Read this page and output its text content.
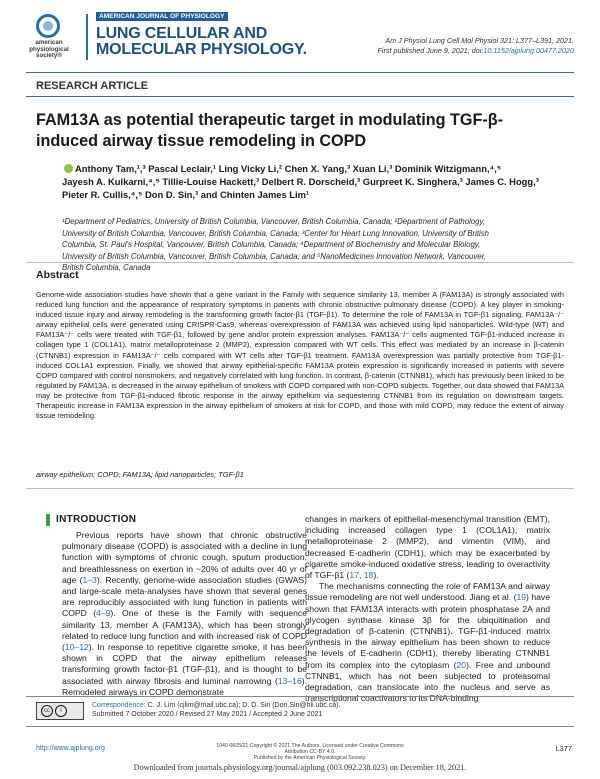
american physiological society®
AMERICAN JOURNAL OF PHYSIOLOGY
LUNG CELLULAR AND
MOLECULAR PHYSIOLOGY.
Am J Physiol Lung Cell Mol Physiol 321: L377–L391, 2021.
First published June 9, 2021; doi:10.1152/ajplung.00477.2020
RESEARCH ARTICLE
FAM13A as potential therapeutic target in modulating TGF-β-induced airway tissue remodeling in COPD
Anthony Tam,¹,³ Pascal Leclair,¹ Ling Vicky Li,² Chen X. Yang,³ Xuan Li,³ Dominik Witzigmann,⁴,⁵
Jayesh A. Kulkarni,⁴,⁵ Tillie-Louise Hackett,³ Delbert R. Dorscheid,³ Gurpreet K. Singhera,³ James C. Hogg,³
Pieter R. Cullis,⁴,⁵ Don D. Sin,³ and Chinten James Lim¹
¹Department of Pediatrics, University of British Columbia, Vancouver, British Columbia, Canada; ²Department of Pathology,
University of British Columbia, Vancouver, British Columbia, Canada; ³Center for Heart Lung Innovation, University of British
Columbia, St. Paul's Hospital, Vancouver, British Columbia, Canada; ⁴Department of Biochemistry and Molecular Biology,
University of British Columbia, Vancouver, British Columbia, Canada; and ⁵NanoMedicines Innovation Network, Vancouver,
British Columbia, Canada
Abstract
Genome-wide association studies have shown that a gene variant in the Family with sequence similarity 13, member A (FAM13A) is strongly associated with reduced lung function and the appearance of respiratory symptoms in patients with chronic obstructive pulmonary disease (COPD). A key player in smoking-induced tissue injury and airway remodeling is the transforming growth factor-β1 (TGF-β1). To determine the role of FAM13A in TGF-β1 signaling, FAM13A⁻/⁻ airway epithelial cells were generated using CRISPR-Cas9, whereas overexpression of FAM13A was achieved using lipid nanoparticles. Wild-type (WT) and FAM13A⁻/⁻ cells were treated with TGF-β1, followed by gene and/or protein expression analyses. FAM13A⁻/⁻ cells augmented TGF-β1-induced increase in collagen type 1 (COL1A1), matrix metalloproteinase 2 (MMP2), expression compared with WT cells. This effect was mediated by an increase in β-catenin (CTNNB1) expression in FAM13A⁻/⁻ cells compared with WT cells after TGF-β1 treatment. FAM13A overexpression was partially protective from TGF-β1-induced COL1A1 expression. Finally, we showed that airway epithelial-specific FAM13A protein expression is significantly increased in patients with severe COPD compared with control nonsmokers, and negatively correlated with lung function. In contrast, β-catenin (CTNNB1), which has previously been linked to be regulated by FAM13A, is decreased in the airway epithelium of smokers with COPD compared with non-COPD subjects. Together, our data showed that FAM13A may be protective from TGF-β1-induced fibrotic response in the airway epithelium via sequestering CTNNB1 from its regulation on downstream targets. Therapeutic increase in FAM13A expression in the airway epithelium of smokers at risk for COPD, and those with mild COPD, may reduce the extent of airway tissue remodeling.
airway epithelium; COPD; FAM13A; lipid nanoparticles; TGF-β1
INTRODUCTION

Previous reports have shown that chronic obstructive pulmonary disease (COPD) is associated with a decline in lung function with symptoms of chronic cough, sputum production, and breathlessness on exertion in ~20% of adults over 40 yr of age (1–3). Recently, genome-wide association studies (GWAS) and large-scale meta-analyses have shown that several genes are reproducibly associated with lung function in patients with COPD (4–9). One of these is the Family with sequence similarity 13, member A (FAM13A), which has been strongly related to reduce lung function and with increased risk of COPD (10–12). In response to repetitive cigarette smoke, it has been shown in COPD that the airway epithelium releases transforming growth factor-β1 (TGF-β1), and is thought to be associated with airway fibrosis and luminal narrowing (13–16). Remodeled airways in COPD demonstrate

changes in markers of epithelial-mesenchymal transition (EMT), including increased collagen type 1 (COL1A1), matrix metalloproteinase 2 (MMP2), and vimentin (VIM), and decreased E-cadherin (CDH1), which may be exacerbated by cigarette smoke-induced oxidative stress, leading to overactivity of TGF-β1 (17, 18).

The mechanisms connecting the role of FAM13A and airway tissue remodeling are not well understood. Jiang et al. (19) have shown that FAM13A interacts with protein phosphatase 2A and glycogen synthase kinase 3β for the ubiquitination and degradation of β-catenin (CTNNB1). TGF-β1-induced matrix synthesis in the airway epithelium has been shown to reduce the levels of E-cadherin (CDH1), thereby liberating CTNNB1 from its complex into the cytoplasm (20). Free and unbound CTNNB1, which has not been subjected to proteasomal degradation, can translocate into the nucleus and serve as transcriptional coactivators to its DNA-binding

cc	i
Correspondence: C. J. Lim (cjlim@mail.ubc.ca); D. D. Sin (Don.Sin@hli.ubc.ca).
Submitted 7 October 2020 / Revised 27 May 2021 / Accepted 2 June 2021
http://www.ajplung.org	1040-0605/21 Copyright © 2021 The Authors. Licensed under Creative Commons Attribution CC-BY 4.0.
Published by the American Physiological Society.
L377
Downloaded from journals.physiology.org/journal/ajplung (003.092.238.023) on December 18, 2021.
